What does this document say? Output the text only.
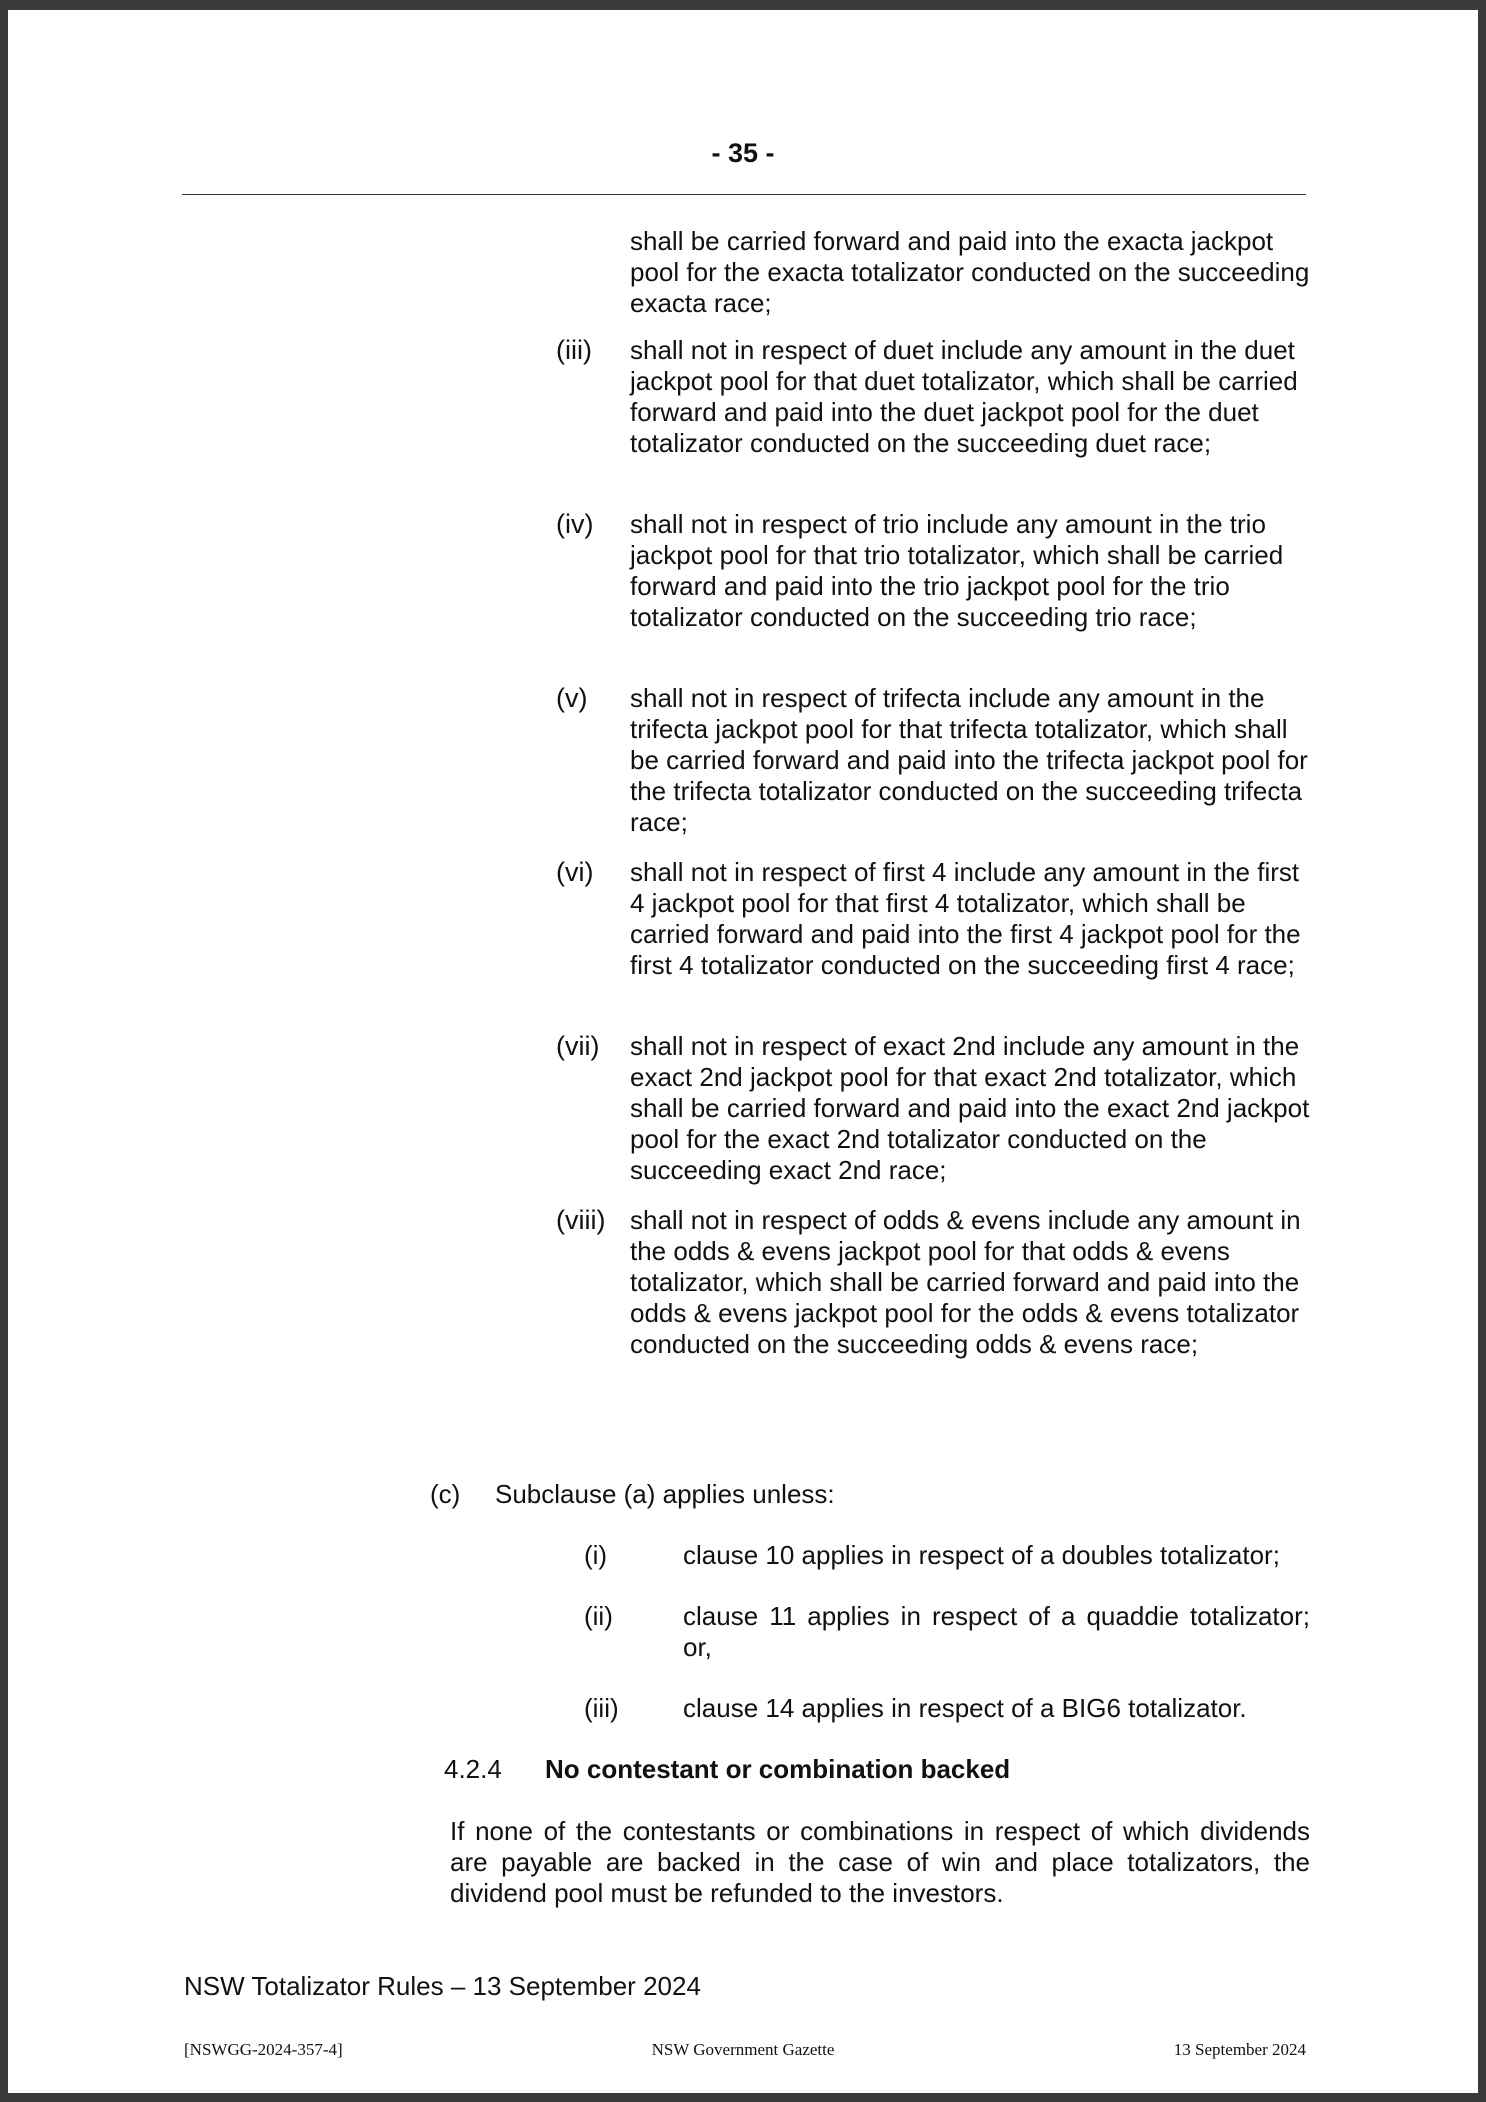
- 35 -
shall be carried forward and paid into the exacta jackpot pool for the exacta totalizator conducted on the succeeding exacta race;
(iii) shall not in respect of duet include any amount in the duet jackpot pool for that duet totalizator, which shall be carried forward and paid into the duet jackpot pool for the duet totalizator conducted on the succeeding duet race;
(iv) shall not in respect of trio include any amount in the trio jackpot pool for that trio totalizator, which shall be carried forward and paid into the trio jackpot pool for the trio totalizator conducted on the succeeding trio race;
(v) shall not in respect of trifecta include any amount in the trifecta jackpot pool for that trifecta totalizator, which shall be carried forward and paid into the trifecta jackpot pool for the trifecta totalizator conducted on the succeeding trifecta race;
(vi) shall not in respect of first 4 include any amount in the first 4 jackpot pool for that first 4 totalizator, which shall be carried forward and paid into the first 4 jackpot pool for the first 4 totalizator conducted on the succeeding first 4 race;
(vii) shall not in respect of exact 2nd include any amount in the exact 2nd jackpot pool for that exact 2nd totalizator, which shall be carried forward and paid into the exact 2nd jackpot pool for the exact 2nd totalizator conducted on the succeeding exact 2nd race;
(viii) shall not in respect of odds & evens include any amount in the odds & evens jackpot pool for that odds & evens totalizator, which shall be carried forward and paid into the odds & evens jackpot pool for the odds & evens totalizator conducted on the succeeding odds & evens race;
(c) Subclause (a) applies unless:
(i)	clause 10 applies in respect of a doubles totalizator;
(ii)	clause 11 applies in respect of a quaddie totalizator; or,
(iii) clause 14 applies in respect of a BIG6 totalizator.
4.2.4 No contestant or combination backed
If none of the contestants or combinations in respect of which dividends are payable are backed in the case of win and place totalizators, the dividend pool must be refunded to the investors.
NSW Totalizator Rules – 13 September 2024
[NSWGG-2024-357-4]	NSW Government Gazette	13 September 2024
